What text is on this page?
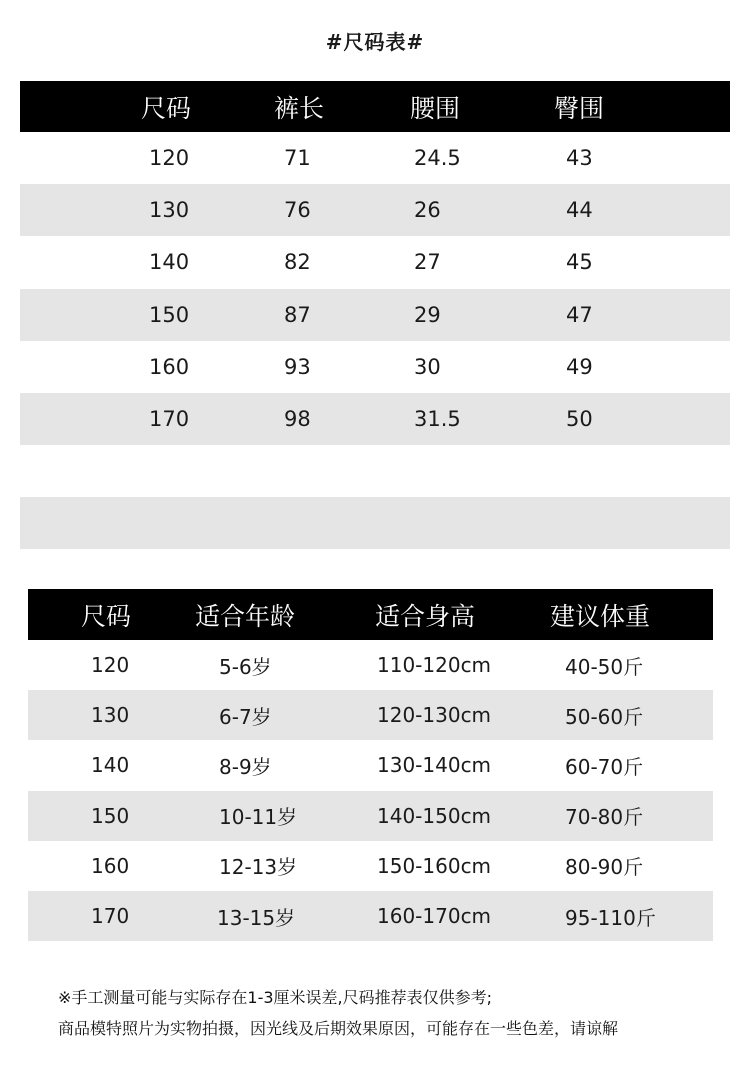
#尺码表#
尺码	裤长	腰围	臀围
120	71	24.5	43
130	76	26	44
140	82	27	45
150	87	29	47
160	93	30	49
170	98	31.5	50
尺码	适合年龄	适合身高	建议体重
120	5-6岁	110-120cm	40-50斤
130	6-7岁	120-130cm	50-60斤
140	8-9岁	130-140cm	60-70斤
150	10-11岁	140-150cm	70-80斤
160	12-13岁	150-160cm	80-90斤
170	13-15岁	160-170cm	95-110斤
※手工测量可能与实际存在1-3厘米误差,尺码推荐表仅供参考;
商品模特照片为实物拍摄，因光线及后期效果原因，可能存在一些色差，请谅解
